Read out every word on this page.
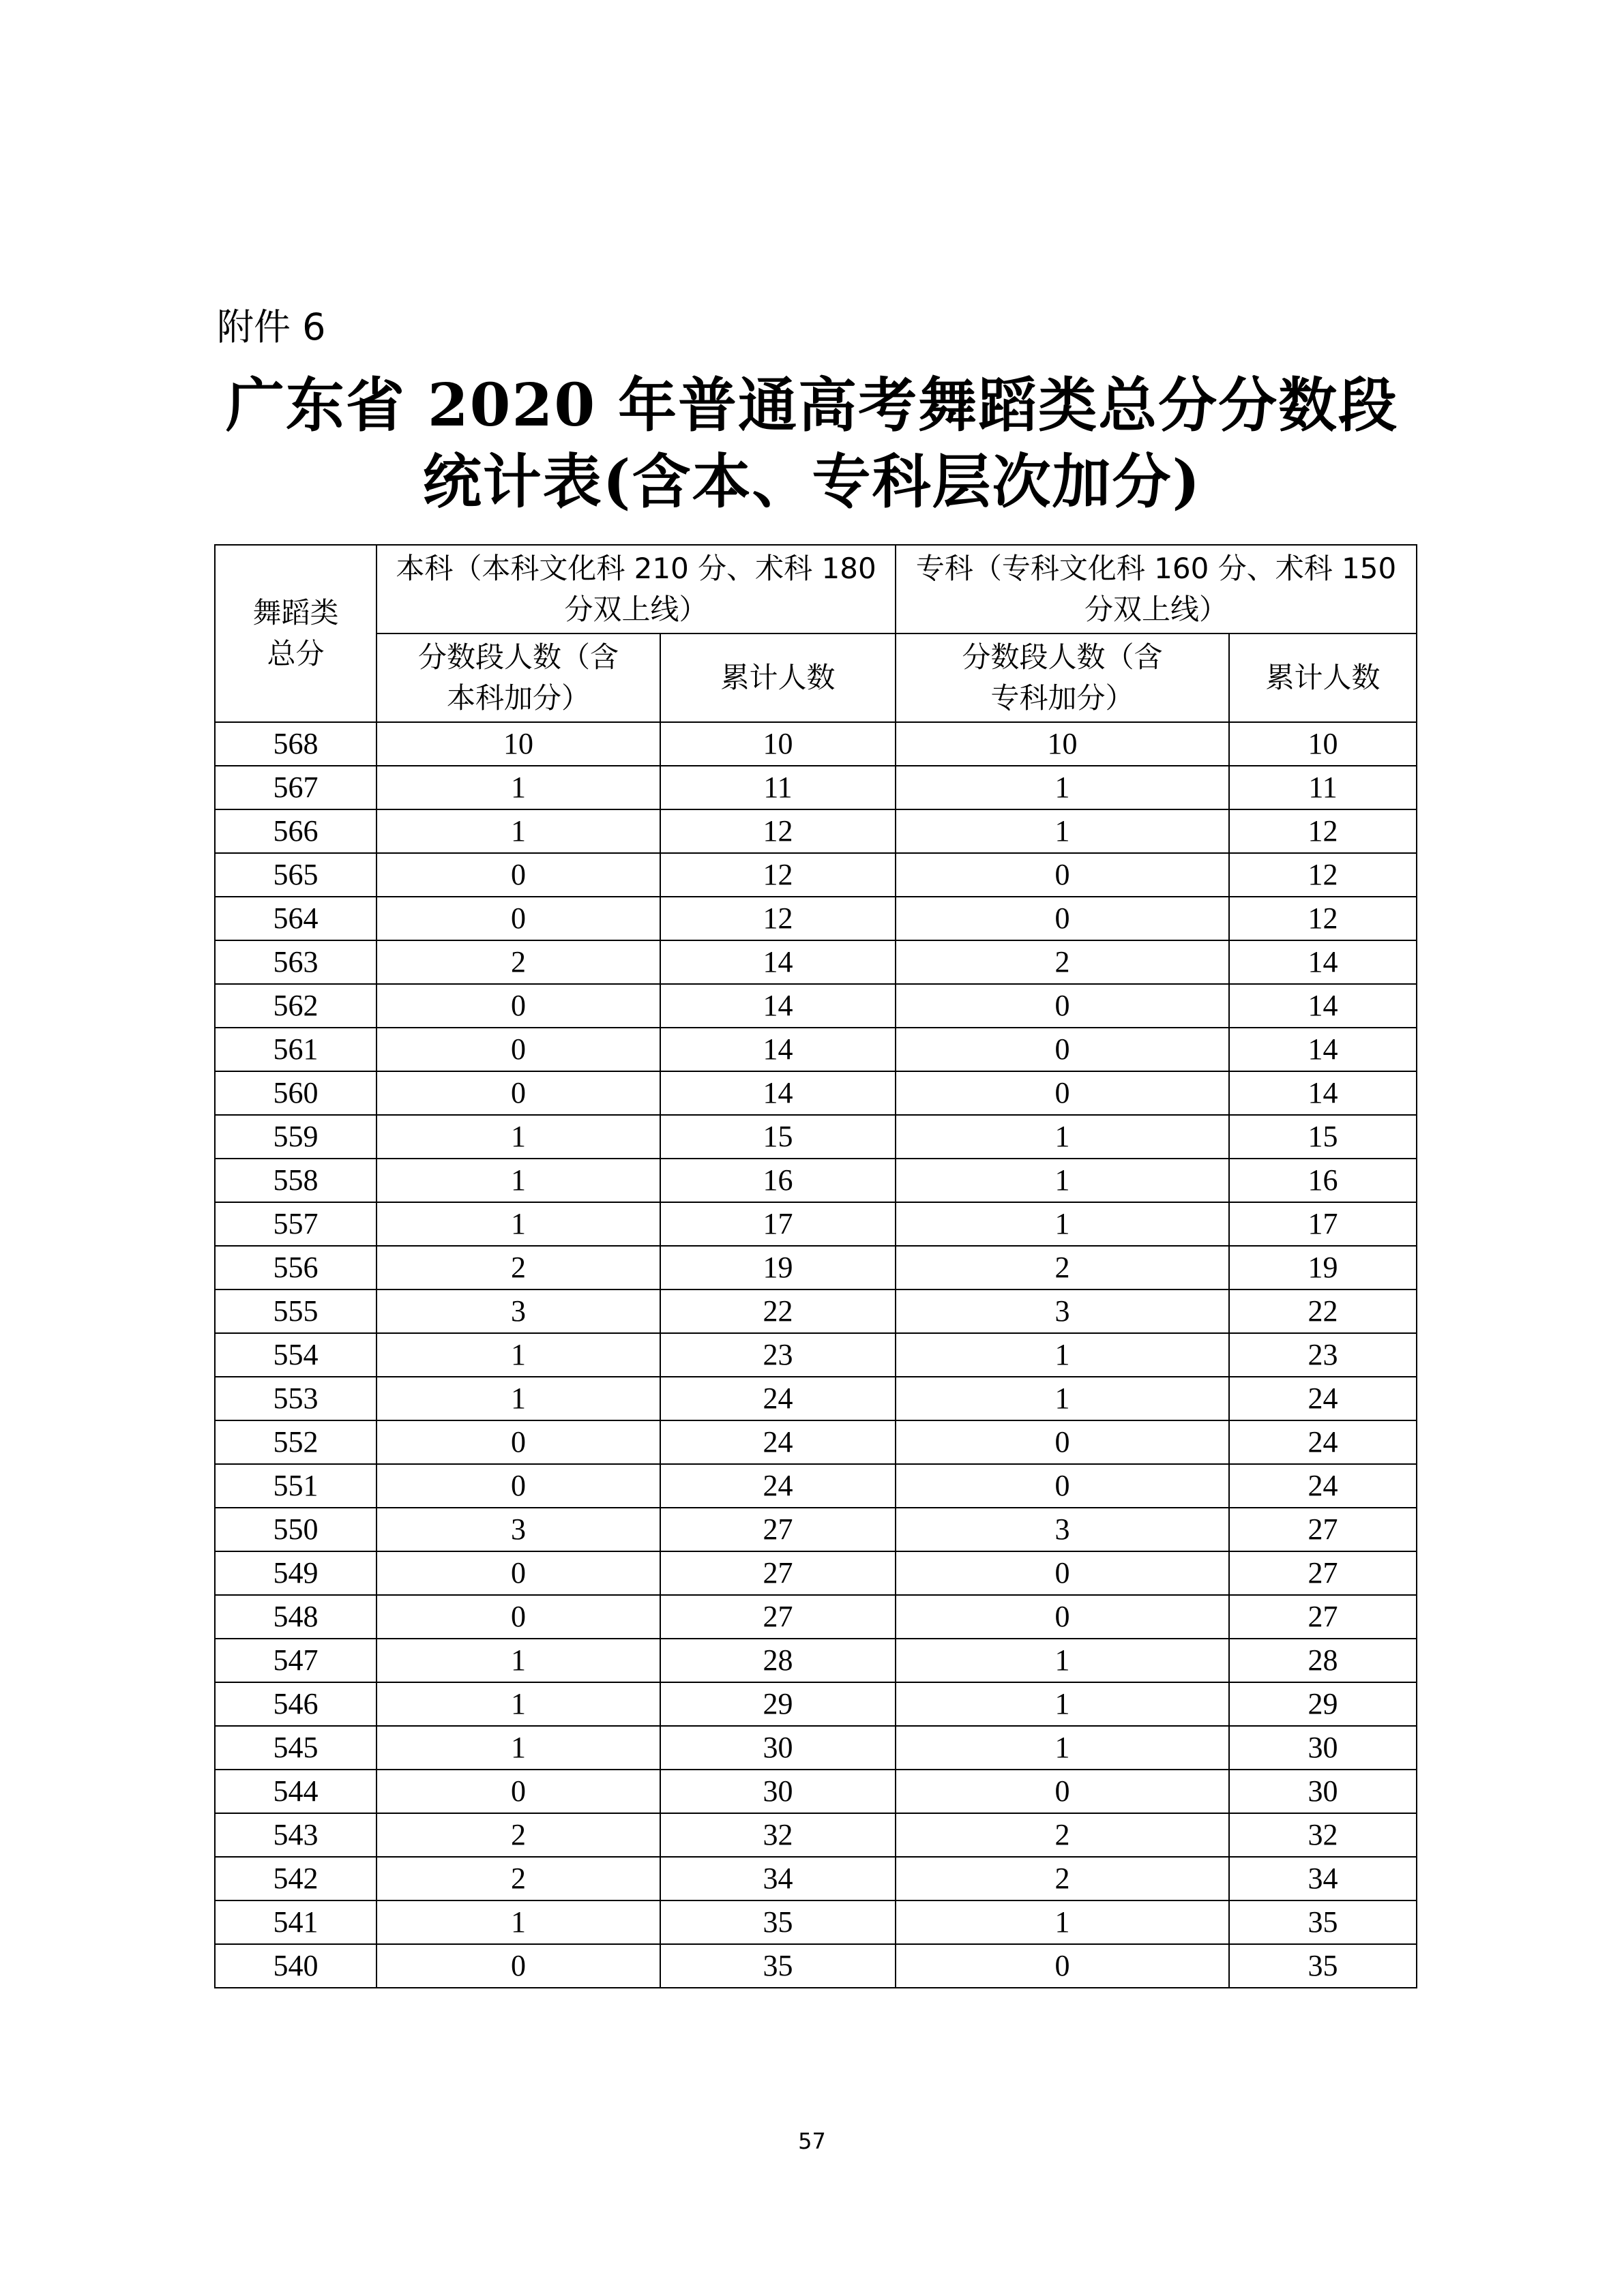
附件 6
广东省 2020 年普通高考舞蹈类总分分数段
统计表(含本、专科层次加分)
舞蹈类总分	本科（本科文化科 210 分、术科 180 分双上线）		专科（专科文化科 160 分、术科 150 分双上线）	
	分数段人数（含本科加分）	累计人数	分数段人数（含专科加分）	累计人数
568	10	10	10	10
567	1	11	1	11
566	1	12	1	12
565	0	12	0	12
564	0	12	0	12
563	2	14	2	14
562	0	14	0	14
561	0	14	0	14
560	0	14	0	14
559	1	15	1	15
558	1	16	1	16
557	1	17	1	17
556	2	19	2	19
555	3	22	3	22
554	1	23	1	23
553	1	24	1	24
552	0	24	0	24
551	0	24	0	24
550	3	27	3	27
549	0	27	0	27
548	0	27	0	27
547	1	28	1	28
546	1	29	1	29
545	1	30	1	30
544	0	30	0	30
543	2	32	2	32
542	2	34	2	34
541	1	35	1	35
540	0	35	0	35
57
